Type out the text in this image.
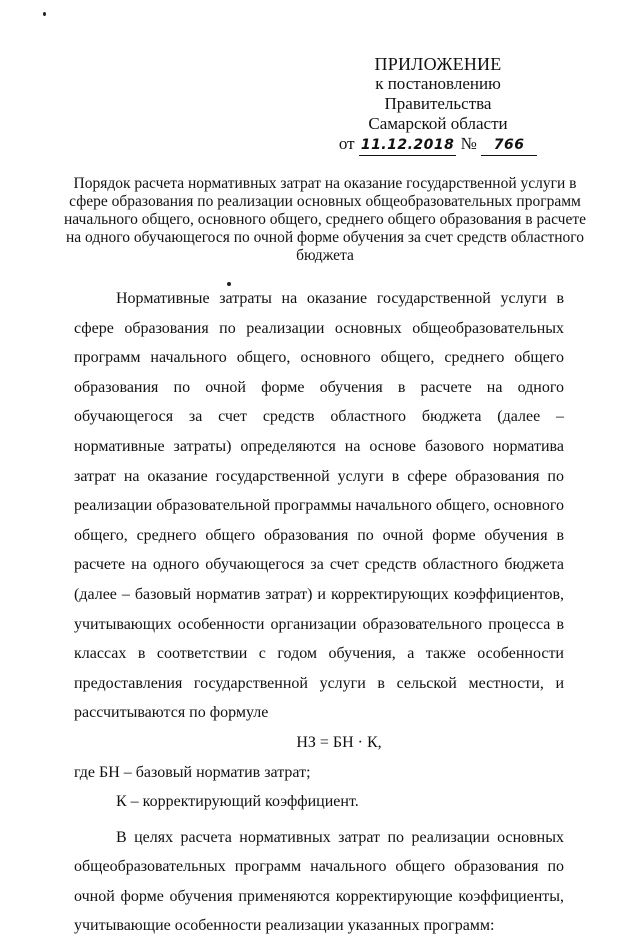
ПРИЛОЖЕНИЕ
к постановлению Правительства
Самарской области
от 11.12.2018 № 766
Порядок расчета нормативных затрат на оказание государственной услуги в сфере образования по реализации основных общеобразовательных программ начального общего, основного общего, среднего общего образования в расчете на одного обучающегося по очной форме обучения за счет средств областного бюджета

Нормативные затраты на оказание государственной услуги в сфере образования по реализации основных общеобразовательных программ начального общего, основного общего, среднего общего образования по очной форме обучения в расчете на одного обучающегося за счет средств областного бюджета (далее – нормативные затраты) определяются на основе базового норматива затрат на оказание государственной услуги в сфере образования по реализации образовательной программы начального общего, основного общего, среднего общего образования по очной форме обучения в расчете на одного обучающегося за счет средств областного бюджета (далее – базовый норматив затрат) и корректирующих коэффициентов, учитывающих особенности организации образовательного процесса в классах в соответствии с годом обучения, а также особенности предоставления государственной услуги в сельской местности, и рассчитываются по формуле

НЗ = БН · К,

где БН – базовый норматив затрат;

К – корректирующий коэффициент.

В целях расчета нормативных затрат по реализации основных общеобразовательных программ начального общего образования по очной форме обучения применяются корректирующие коэффициенты, учитывающие особенности реализации указанных программ:
